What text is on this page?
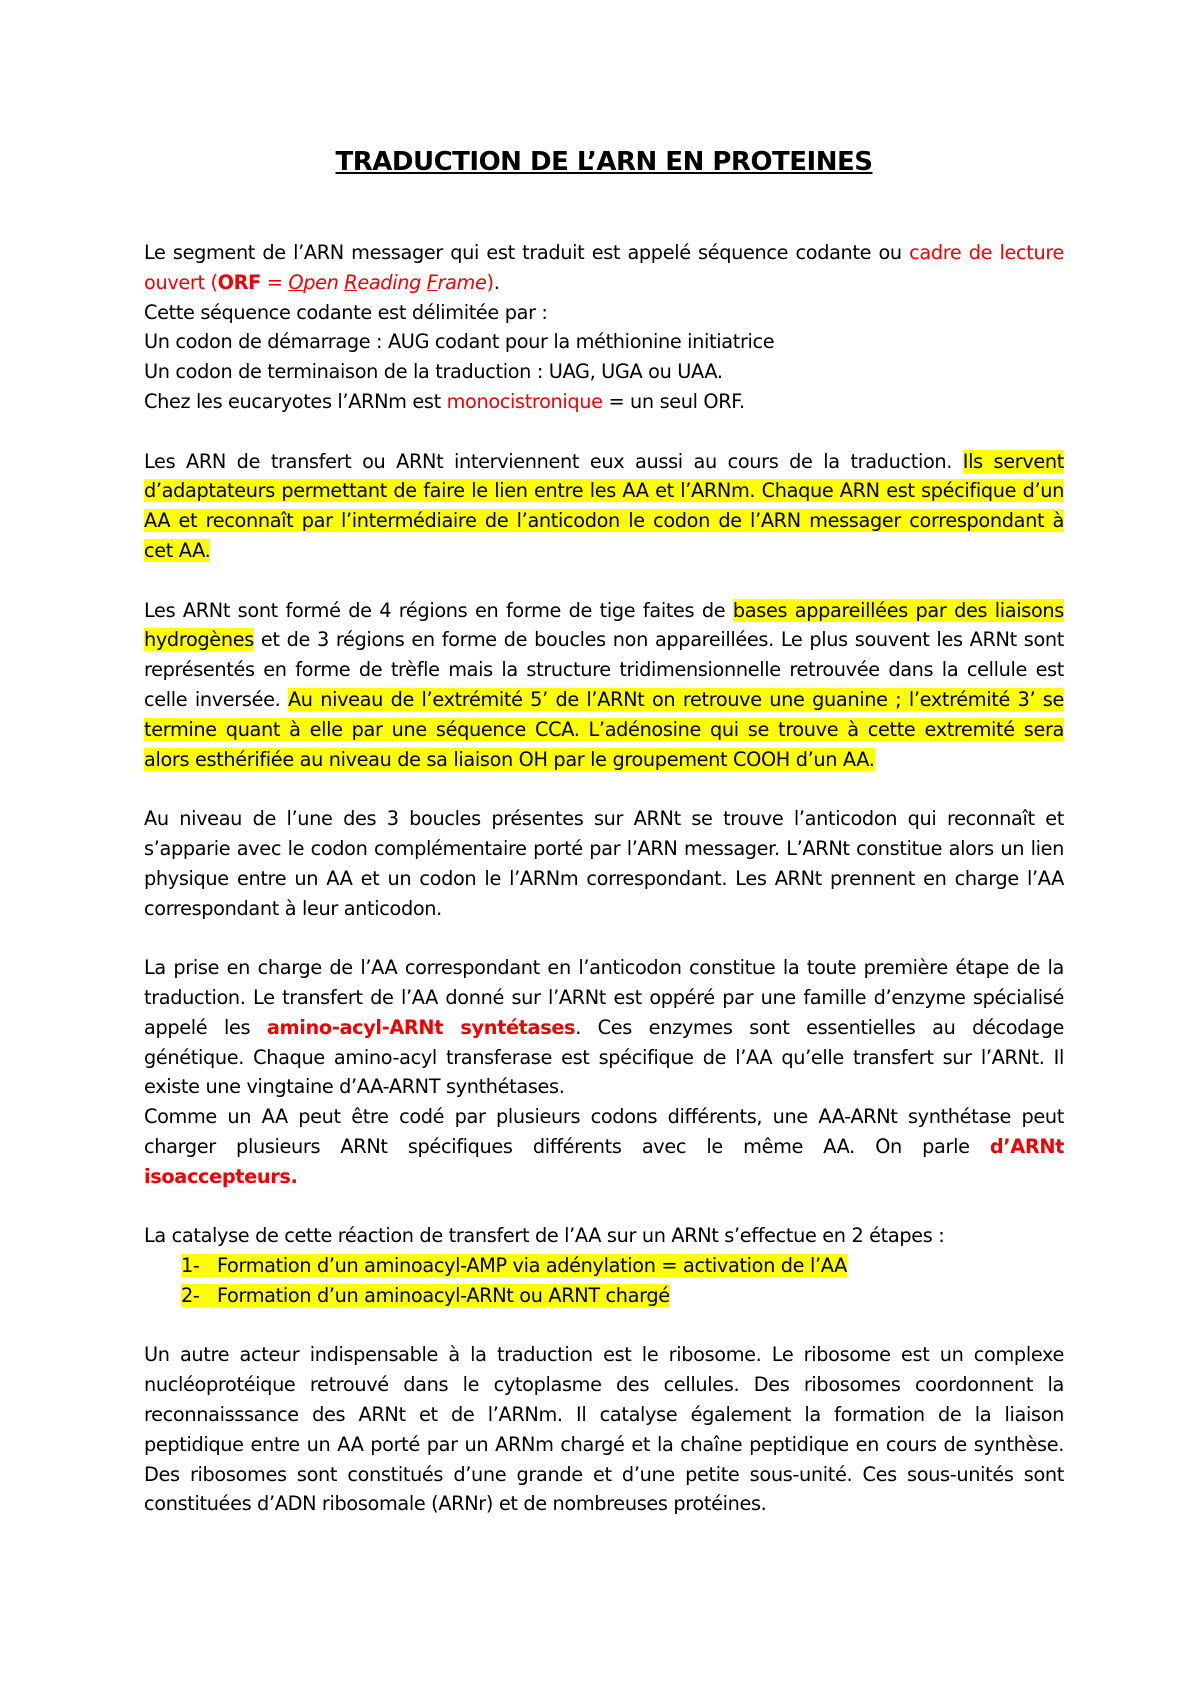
TRADUCTION DE L’ARN EN PROTEINES

Le segment de l’ARN messager qui est traduit est appelé séquence codante ou cadre de lecture ouvert (ORF = Open Reading Frame).

Cette séquence codante est délimitée par :

Un codon de démarrage : AUG codant pour la méthionine initiatrice

Un codon de terminaison de la traduction : UAG, UGA ou UAA.

Chez les eucaryotes l’ARNm est monocistronique = un seul ORF.

Les ARN de transfert ou ARNt interviennent eux aussi au cours de la traduction. Ils servent d’adaptateurs permettant de faire le lien entre les AA et l’ARNm. Chaque ARN est spécifique d’un AA et reconnaît par l’intermédiaire de l’anticodon le codon de l’ARN messager correspondant à cet AA.

Les ARNt sont formé de 4 régions en forme de tige faites de bases appareillées par des liaisons hydrogènes et de 3 régions en forme de boucles non appareillées. Le plus souvent les ARNt sont représentés en forme de trèfle mais la structure tridimensionnelle retrouvée dans la cellule est celle inversée. Au niveau de l’extrémité 5’ de l’ARNt on retrouve une guanine ; l’extrémité 3’ se termine quant à elle par une séquence CCA. L’adénosine qui se trouve à cette extremité sera alors esthérifiée au niveau de sa liaison OH par le groupement COOH d’un AA.

Au niveau de l’une des 3 boucles présentes sur ARNt se trouve l’anticodon qui reconnaît et s’apparie avec le codon complémentaire porté par l’ARN messager. L’ARNt constitue alors un lien physique entre un AA et un codon le l’ARNm correspondant. Les ARNt prennent en charge l’AA correspondant à leur anticodon.

La prise en charge de l’AA correspondant en l’anticodon constitue la toute première étape de la traduction. Le transfert de l’AA donné sur l’ARNt est oppéré par une famille d’enzyme spécialisé appelé les amino-acyl-ARNt syntétases. Ces enzymes sont essentielles au décodage génétique. Chaque amino-acyl transferase est spécifique de l’AA qu’elle transfert sur l’ARNt. Il existe une vingtaine d’AA-ARNT synthétases.

Comme un AA peut être codé par plusieurs codons différents, une AA-ARNt synthétase peut charger plusieurs ARNt spécifiques différents avec le même AA. On parle d’ARNt isoaccepteurs.

La catalyse de cette réaction de transfert de l’AA sur un ARNt s’effectue en 2 étapes :

1- Formation d’un aminoacyl-AMP via adénylation = activation de l’AA
2- Formation d’un aminoacyl-ARNt ou ARNT chargé

Un autre acteur indispensable à la traduction est le ribosome. Le ribosome est un complexe nucléoprotéique retrouvé dans le cytoplasme des cellules. Des ribosomes coordonnent la reconnaisssance des ARNt et de l’ARNm. Il catalyse également la formation de la liaison peptidique entre un AA porté par un ARNm chargé et la chaîne peptidique en cours de synthèse. Des ribosomes sont constitués d’une grande et d’une petite sous-unité. Ces sous-unités sont constituées d’ADN ribosomale (ARNr) et de nombreuses protéines.
